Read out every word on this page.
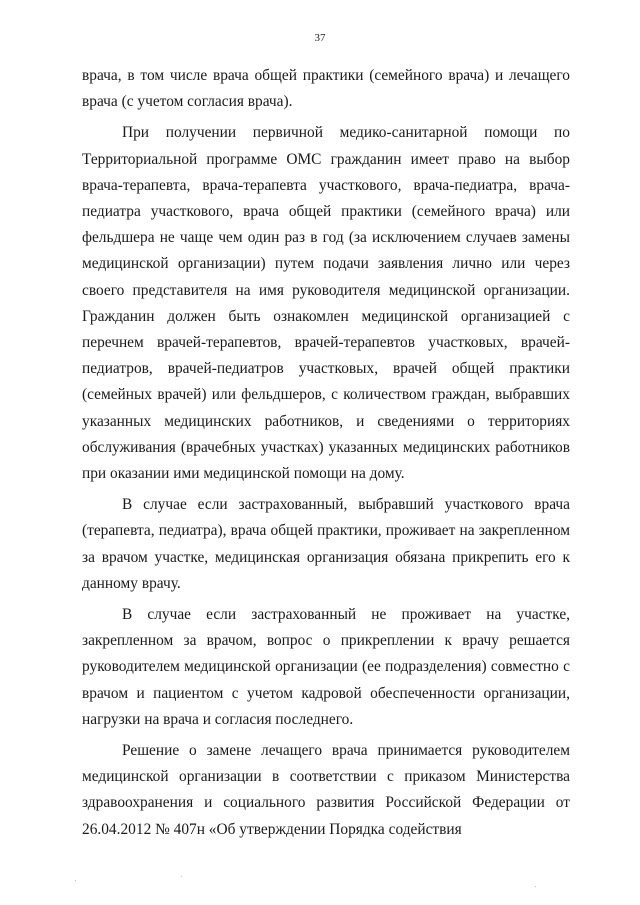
37

врача, в том числе врача общей практики (семейного врача) и лечащего врача (с учетом согласия врача).

При получении первичной медико-санитарной помощи по Территориальной программе ОМС гражданин имеет право на выбор врача-терапевта, врача-терапевта участкового, врача-педиатра, врача-педиатра участкового, врача общей практики (семейного врача) или фельдшера не чаще чем один раз в год (за исключением случаев замены медицинской организации) путем подачи заявления лично или через своего представителя на имя руководителя медицинской организации. Гражданин должен быть ознакомлен медицинской организацией с перечнем врачей-терапевтов, врачей-терапевтов участковых, врачей-педиатров, врачей-педиатров участковых, врачей общей практики (семейных врачей) или фельдшеров, с количеством граждан, выбравших указанных медицинских работников, и сведениями о территориях обслуживания (врачебных участках) указанных медицинских работников при оказании ими медицинской помощи на дому.

В случае если застрахованный, выбравший участкового врача (терапевта, педиатра), врача общей практики, проживает на закрепленном за врачом участке, медицинская организация обязана прикрепить его к данному врачу.

В случае если застрахованный не проживает на участке, закрепленном за врачом, вопрос о прикреплении к врачу решается руководителем медицинской организации (ее подразделения) совместно с врачом и пациентом с учетом кадровой обеспеченности организации, нагрузки на врача и согласия последнего.

Решение о замене лечащего врача принимается руководителем медицинской организации в соответствии с приказом Министерства здравоохранения и социального развития Российской Федерации от 26.04.2012 № 407н «Об утверждении Порядка содействия
